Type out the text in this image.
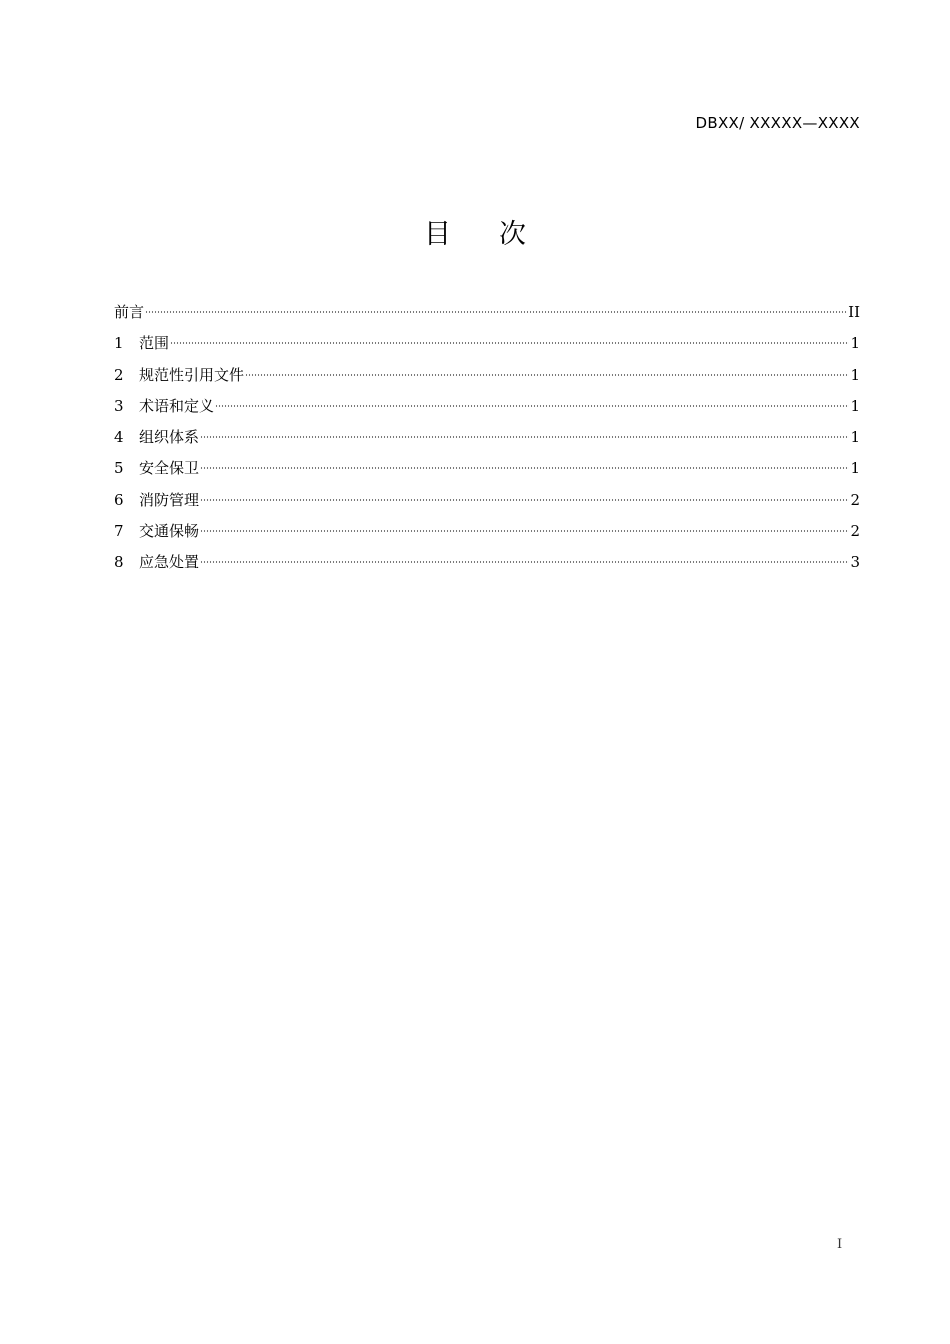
DBXX/ XXXXX—XXXX
目 次
前言	II
1	范围	1
2	规范性引用文件	1
3	术语和定义	1
4	组织体系	1
5	安全保卫	1
6	消防管理	2
7	交通保畅	2
8	应急处置	3
I
